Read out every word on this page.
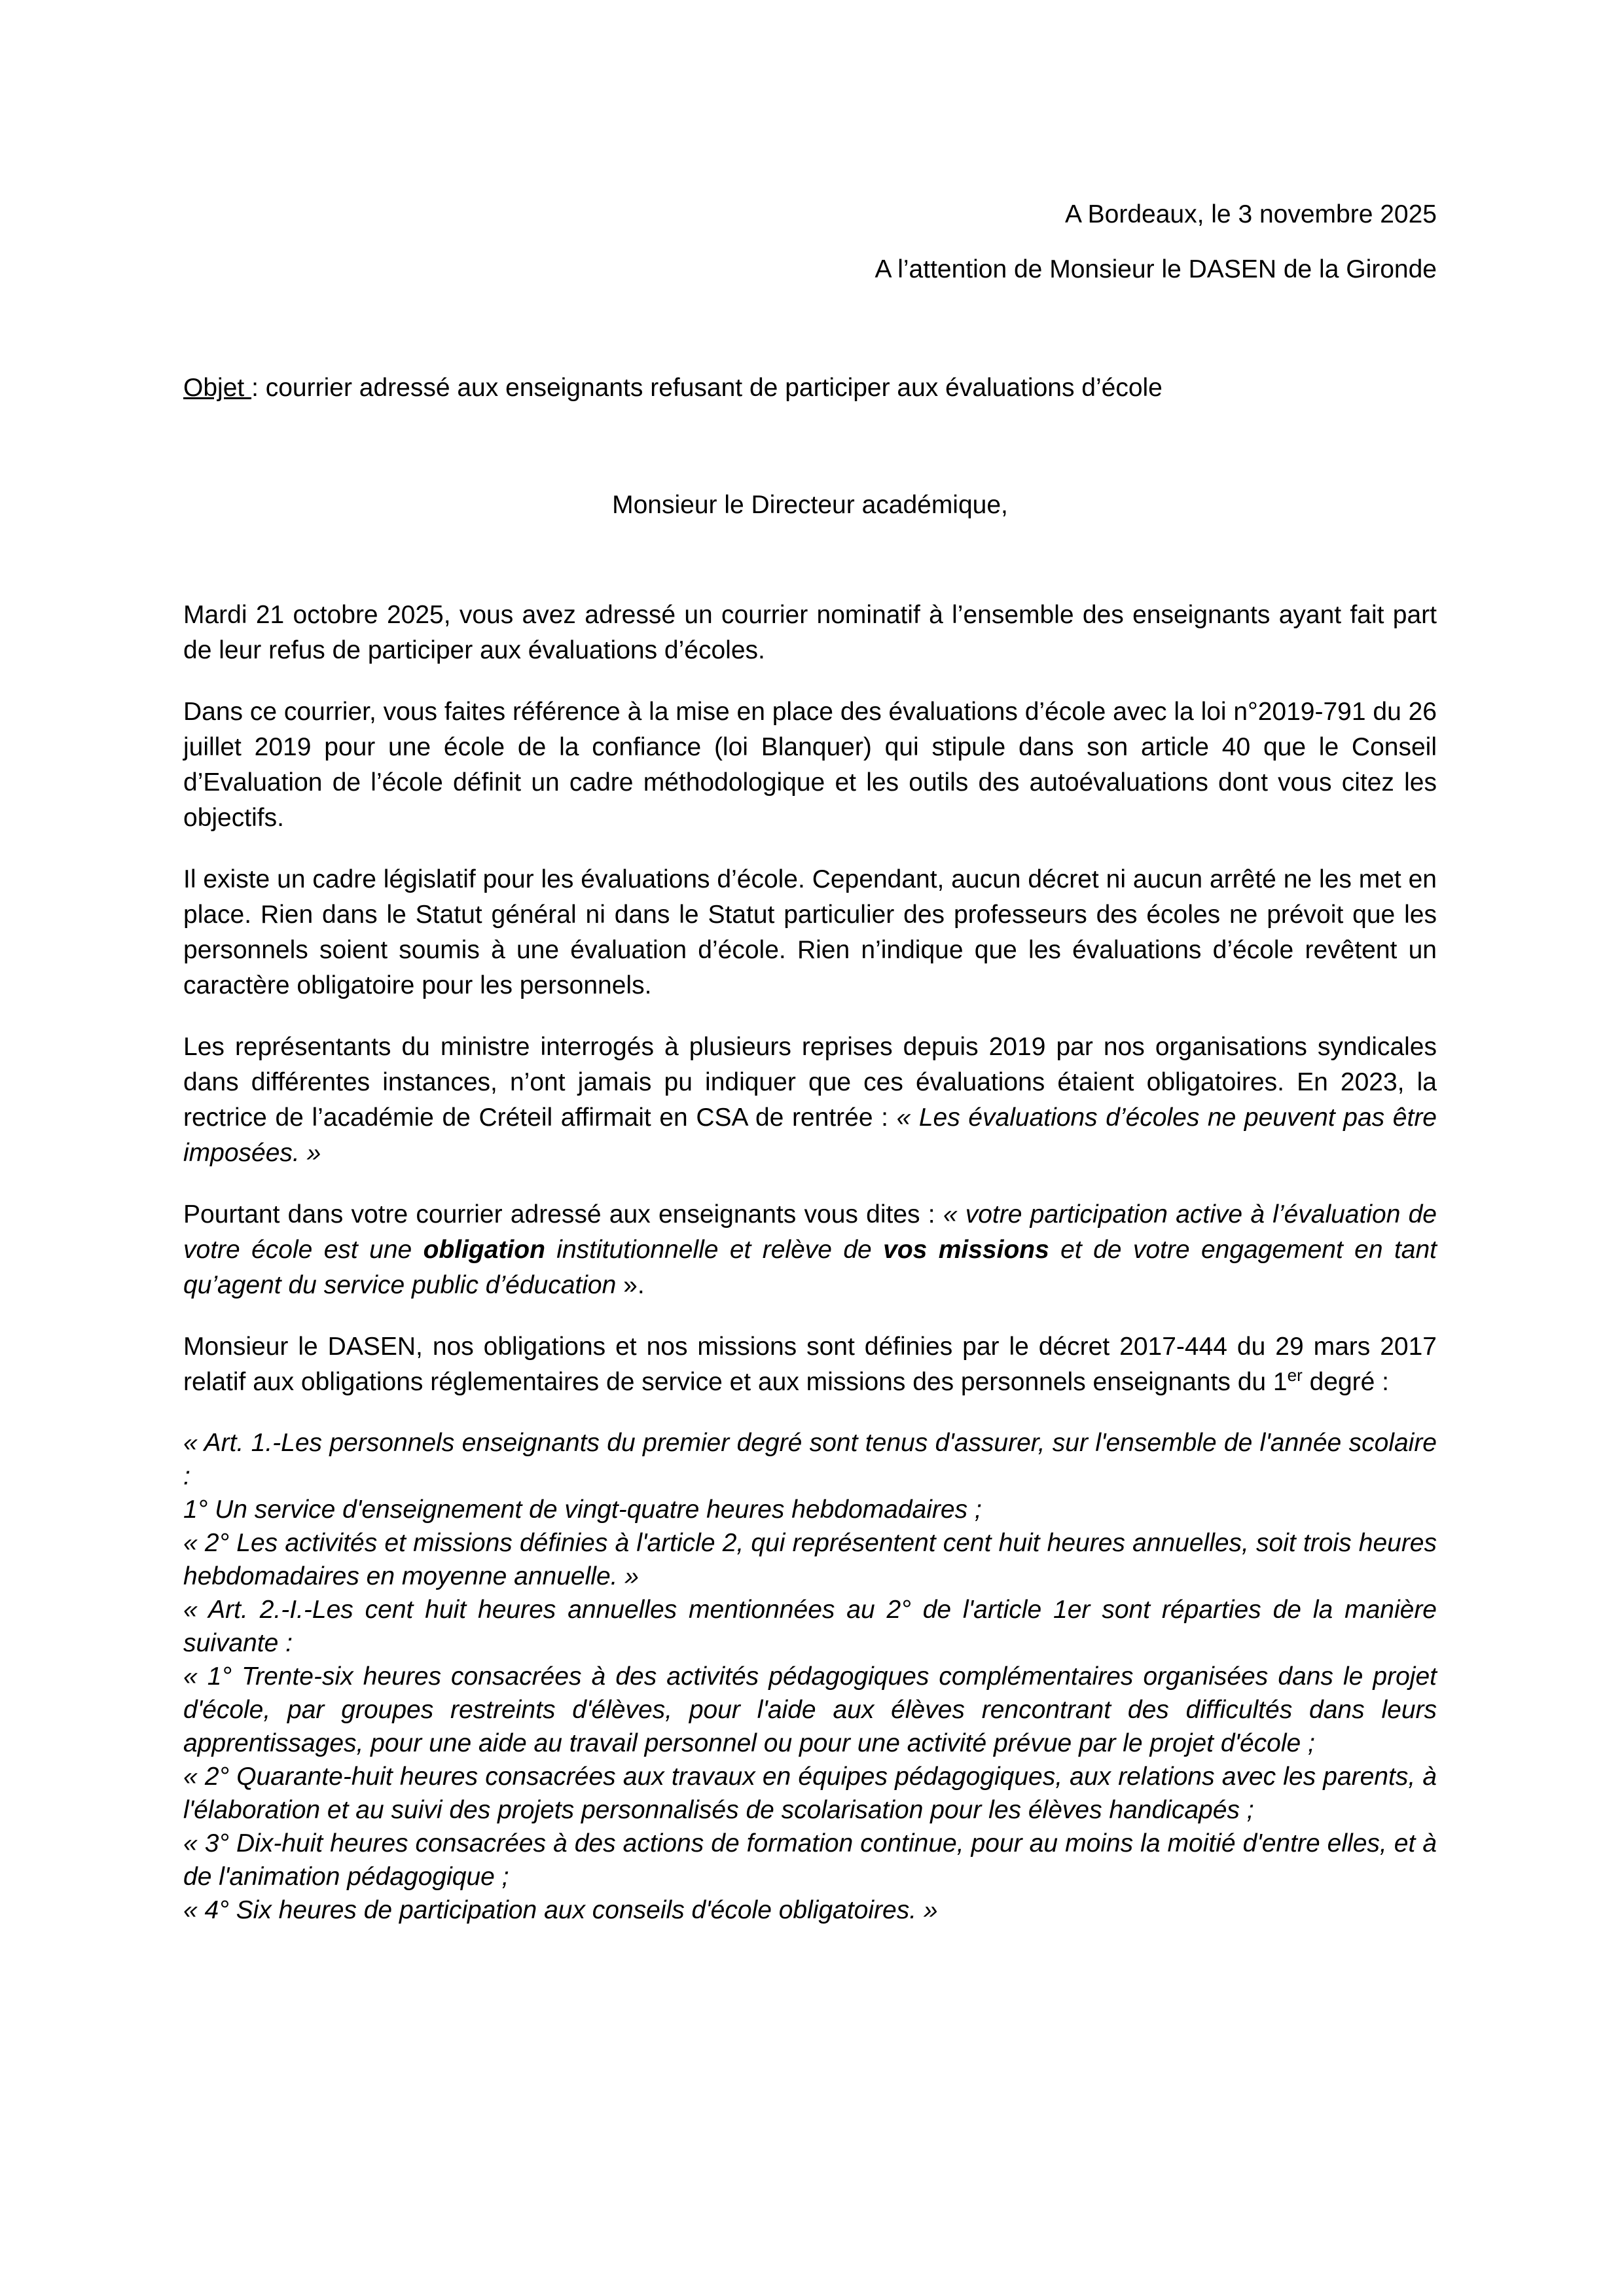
A Bordeaux, le 3 novembre 2025

A l’attention de Monsieur le DASEN de la Gironde

Objet : courrier adressé aux enseignants refusant de participer aux évaluations d’école

Monsieur le Directeur académique,

Mardi 21 octobre 2025, vous avez adressé un courrier nominatif à l’ensemble des enseignants ayant fait part de leur refus de participer aux évaluations d’écoles.

Dans ce courrier, vous faites référence à la mise en place des évaluations d’école avec la loi n°2019-791 du 26 juillet 2019 pour une école de la confiance (loi Blanquer) qui stipule dans son article 40 que le Conseil d’Evaluation de l’école définit un cadre méthodologique et les outils des autoévaluations dont vous citez les objectifs.

Il existe un cadre législatif pour les évaluations d’école. Cependant, aucun décret ni aucun arrêté ne les met en place. Rien dans le Statut général ni dans le Statut particulier des professeurs des écoles ne prévoit que les personnels soient soumis à une évaluation d’école. Rien n’indique que les évaluations d’école revêtent un caractère obligatoire pour les personnels.

Les représentants du ministre interrogés à plusieurs reprises depuis 2019 par nos organisations syndicales dans différentes instances, n’ont jamais pu indiquer que ces évaluations étaient obligatoires. En 2023, la rectrice de l’académie de Créteil affirmait en CSA de rentrée : « Les évaluations d’écoles ne peuvent pas être imposées. »

Pourtant dans votre courrier adressé aux enseignants vous dites : « votre participation active à l’évaluation de votre école est une obligation institutionnelle et relève de vos missions et de votre engagement en tant qu’agent du service public d’éducation ».

Monsieur le DASEN, nos obligations et nos missions sont définies par le décret 2017-444 du 29 mars 2017 relatif aux obligations réglementaires de service et aux missions des personnels enseignants du 1er degré :

« Art. 1.-Les personnels enseignants du premier degré sont tenus d'assurer, sur l'ensemble de l'année scolaire :

1° Un service d'enseignement de vingt-quatre heures hebdomadaires ;

« 2° Les activités et missions définies à l'article 2, qui représentent cent huit heures annuelles, soit trois heures hebdomadaires en moyenne annuelle. »

« Art. 2.-I.-Les cent huit heures annuelles mentionnées au 2° de l'article 1er sont réparties de la manière suivante :

« 1° Trente-six heures consacrées à des activités pédagogiques complémentaires organisées dans le projet d'école, par groupes restreints d'élèves, pour l'aide aux élèves rencontrant des difficultés dans leurs apprentissages, pour une aide au travail personnel ou pour une activité prévue par le projet d'école ;

« 2° Quarante-huit heures consacrées aux travaux en équipes pédagogiques, aux relations avec les parents, à l'élaboration et au suivi des projets personnalisés de scolarisation pour les élèves handicapés ;

« 3° Dix-huit heures consacrées à des actions de formation continue, pour au moins la moitié d'entre elles, et à de l'animation pédagogique ;

« 4° Six heures de participation aux conseils d'école obligatoires. »
